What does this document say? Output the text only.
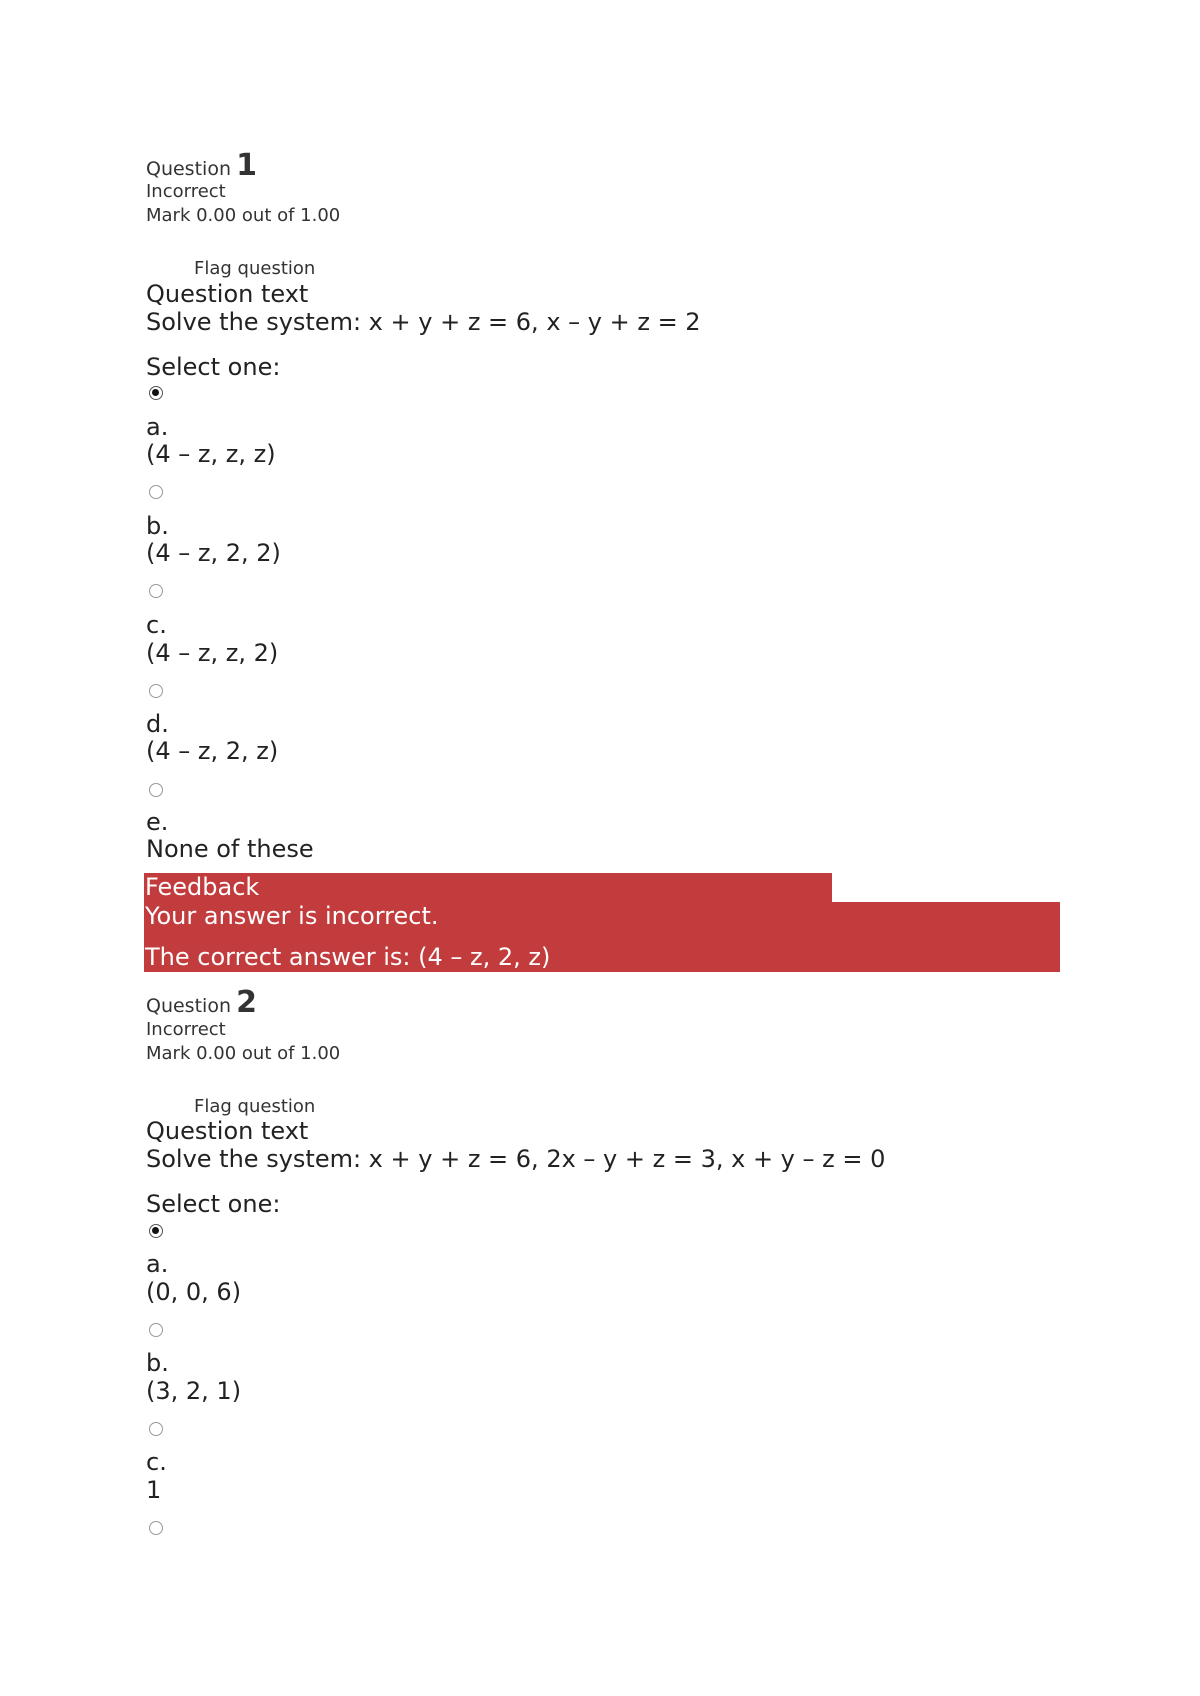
Question 1
Incorrect
Mark 0.00 out of 1.00
Flag question
Question text
Solve the system: x + y + z = 6, x – y + z = 2
Select one:
a.
(4 – z, z, z)
b.
(4 – z, 2, 2)
c.
(4 – z, z, 2)
d.
(4 – z, 2, z)
e.
None of these
Feedback
Your answer is incorrect.
The correct answer is: (4 – z, 2, z)
Question 2
Incorrect
Mark 0.00 out of 1.00
Flag question
Question text
Solve the system: x + y + z = 6, 2x – y + z = 3, x + y – z = 0
Select one:
a.
(0, 0, 6)
b.
(3, 2, 1)
c.
1
